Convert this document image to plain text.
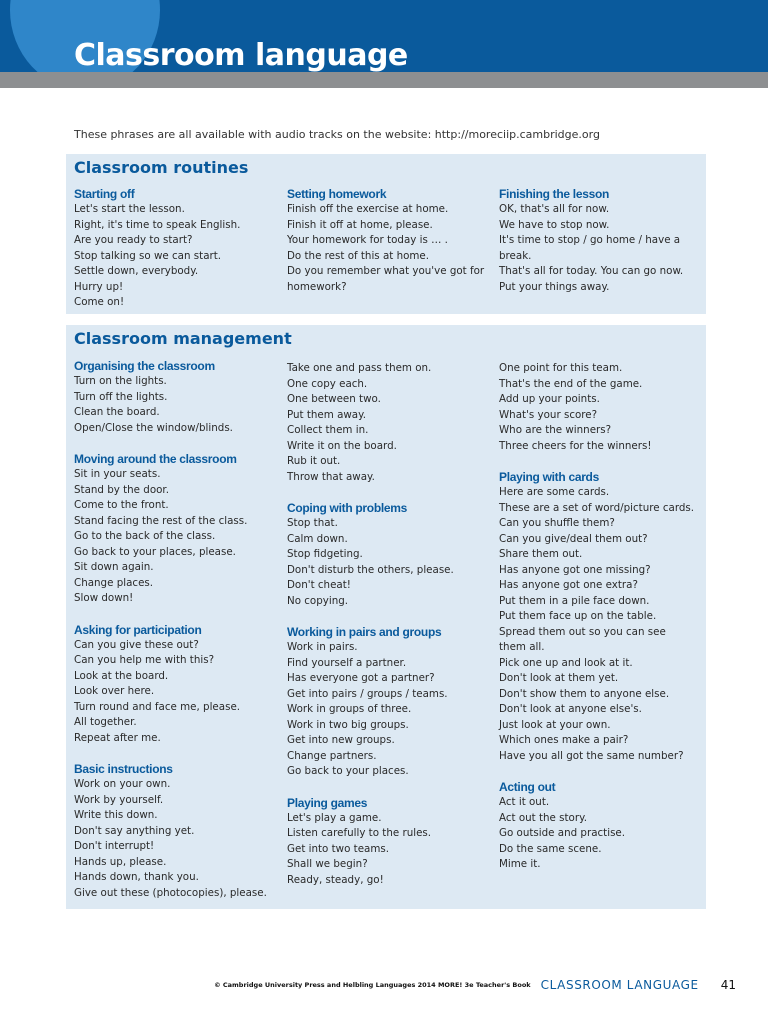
Classroom language

These phrases are all available with audio tracks on the website: http://moreciip.cambridge.org

Classroom routines
Starting off
Let's start the lesson.
Right, it's time to speak English.
Are you ready to start?
Stop talking so we can start.
Settle down, everybody.
Hurry up!
Come on!
Setting homework
Finish off the exercise at home.
Finish it off at home, please.
Your homework for today is … .
Do the rest of this at home.
Do you remember what you've got for homework?
Finishing the lesson
OK, that's all for now.
We have to stop now.
It's time to stop / go home / have a break.
That's all for today. You can go now.
Put your things away.
Classroom management
Organising the classroom
Turn on the lights.
Turn off the lights.
Clean the board.
Open/Close the window/blinds.
Moving around the classroom
Sit in your seats.
Stand by the door.
Come to the front.
Stand facing the rest of the class.
Go to the back of the class.
Go back to your places, please.
Sit down again.
Change places.
Slow down!
Asking for participation
Can you give these out?
Can you help me with this?
Look at the board.
Look over here.
Turn round and face me, please.
All together.
Repeat after me.
Basic instructions
Work on your own.
Work by yourself.
Write this down.
Don't say anything yet.
Don't interrupt!
Hands up, please.
Hands down, thank you.
Give out these (photocopies), please.
Take one and pass them on.
One copy each.
One between two.
Put them away.
Collect them in.
Write it on the board.
Rub it out.
Throw that away.
Coping with problems
Stop that.
Calm down.
Stop fidgeting.
Don't disturb the others, please.
Don't cheat!
No copying.
Working in pairs and groups
Work in pairs.
Find yourself a partner.
Has everyone got a partner?
Get into pairs / groups / teams.
Work in groups of three.
Work in two big groups.
Get into new groups.
Change partners.
Go back to your places.
Playing games
Let's play a game.
Listen carefully to the rules.
Get into two teams.
Shall we begin?
Ready, steady, go!
One point for this team.
That's the end of the game.
Add up your points.
What's your score?
Who are the winners?
Three cheers for the winners!
Playing with cards
Here are some cards.
These are a set of word/picture cards.
Can you shuffle them?
Can you give/deal them out?
Share them out.
Has anyone got one missing?
Has anyone got one extra?
Put them in a pile face down.
Put them face up on the table.
Spread them out so you can see them all.
Pick one up and look at it.
Don't look at them yet.
Don't show them to anyone else.
Don't look at anyone else's.
Just look at your own.
Which ones make a pair?
Have you all got the same number?
Acting out
Act it out.
Act out the story.
Go outside and practise.
Do the same scene.
Mime it.
© Cambridge University Press and Helbling Languages 2014 MORE! 3e Teacher's Book CLASSROOM LANGUAGE 41
